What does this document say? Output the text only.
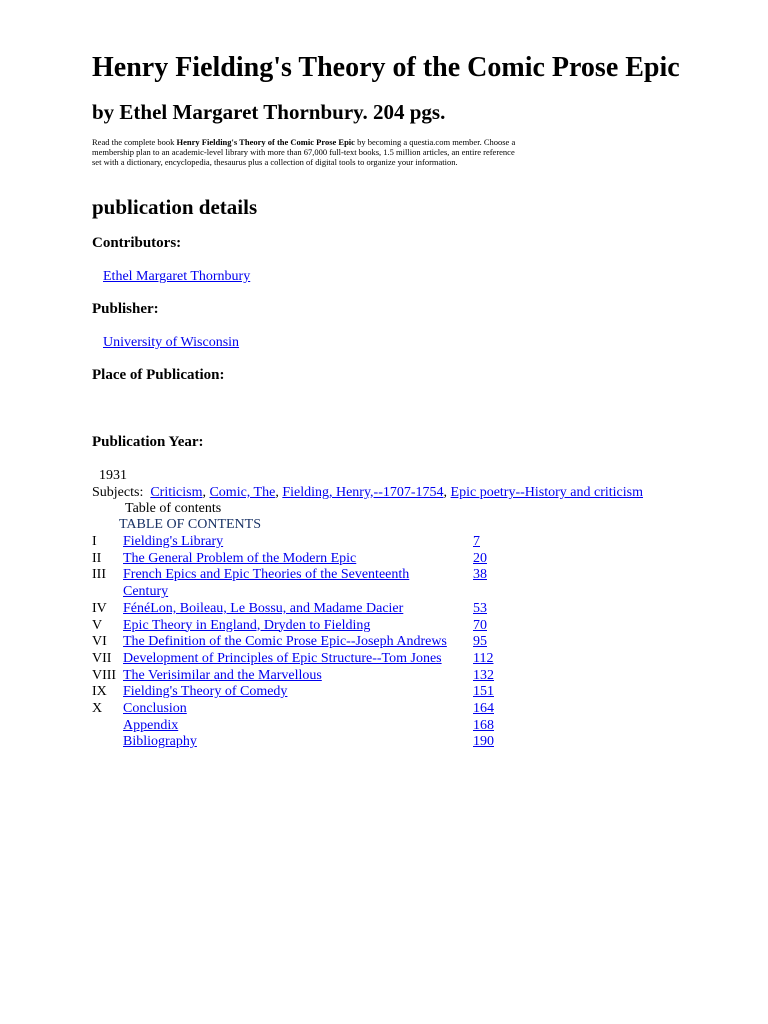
Henry Fielding's Theory of the Comic Prose Epic
by Ethel Margaret Thornbury. 204 pgs.

Read the complete book Henry Fielding's Theory of the Comic Prose Epic by becoming a questia.com member. Choose a membership plan to an academic-level library with more than 67,000 full-text books, 1.5 million articles, an entire reference set with a dictionary, encyclopedia, thesaurus plus a collection of digital tools to organize your information.

publication details
Contributors:
Ethel Margaret Thornbury
Publisher:
University of Wisconsin
Place of Publication:
Publication Year:
1931
Subjects: Criticism, Comic, The, Fielding, Henry,--1707-1754, Epic poetry--History and criticism
Table of contents
TABLE OF CONTENTS
I	Fielding's Library	7
II	The General Problem of the Modern Epic	20
III	French Epics and Epic Theories of the Seventeenth Century	38
IV	FénéLon, Boileau, Le Bossu, and Madame Dacier	53
V	Epic Theory in England, Dryden to Fielding	70
VI	The Definition of the Comic Prose Epic--Joseph Andrews	95
VII	Development of Principles of Epic Structure--Tom Jones	112
VIII	The Verisimilar and the Marvellous	132
IX	Fielding's Theory of Comedy	151
X	Conclusion	164
	Appendix	168
	Bibliography	190
